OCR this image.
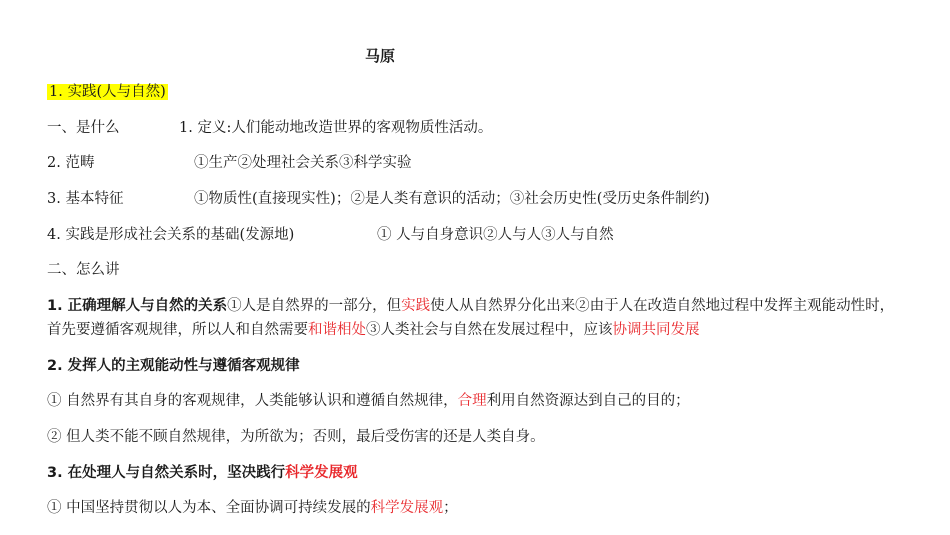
马原
1. 实践(人与自然)
一、是什么	1. 定义:人们能动地改造世界的客观物质性活动。
2. 范畴	①生产②处理社会关系③科学实验
3. 基本特征	①物质性(直接现实性)；②是人类有意识的活动；③社会历史性(受历史条件制约)
4. 实践是形成社会关系的基础(发源地)	① 人与自身意识②人与人③人与自然
二、怎么讲
1. 正确理解人与自然的关系①人是自然界的一部分，但实践使人从自然界分化出来②由于人在改造自然地过程中发挥主观能动性时，
首先要遵循客观规律，所以人和自然需要和谐相处③人类社会与自然在发展过程中，应该协调共同发展
2. 发挥人的主观能动性与遵循客观规律
① 自然界有其自身的客观规律，人类能够认识和遵循自然规律，合理利用自然资源达到自己的目的；
② 但人类不能不顾自然规律，为所欲为；否则，最后受伤害的还是人类自身。
3. 在处理人与自然关系时，坚决践行科学发展观
① 中国坚持贯彻以人为本、全面协调可持续发展的科学发展观；
